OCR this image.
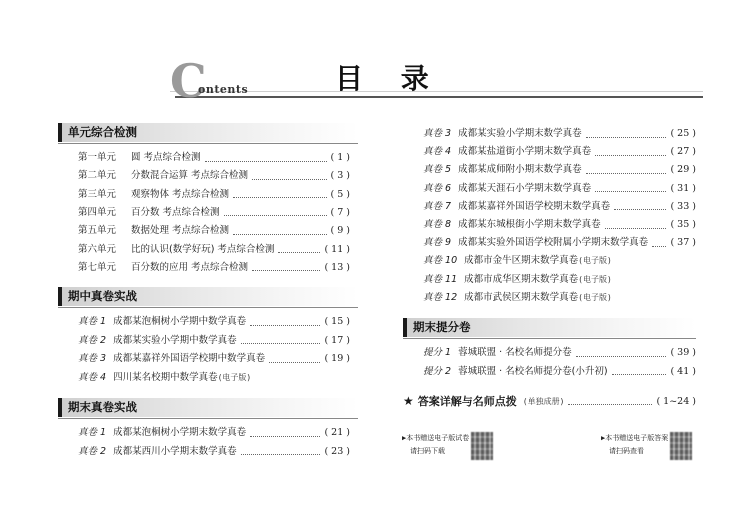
C
ontents	目 录
单元综合检测
第一单元	圆 考点综合检测	( 1 )
第二单元	分数混合运算 考点综合检测	( 3 )
第三单元	观察物体 考点综合检测	( 5 )
第四单元	百分数 考点综合检测	( 7 )
第五单元	数据处理 考点综合检测	( 9 )
第六单元	比的认识(数学好玩) 考点综合检测	( 11 )
第七单元	百分数的应用 考点综合检测	( 13 )
期中真卷实战
真卷 1 成都某泡桐树小学期中数学真卷	( 15 )
真卷 2 成都某实验小学期中数学真卷	( 17 )
真卷 3 成都某嘉祥外国语学校期中数学真卷	( 19 )
真卷 4 四川某名校期中数学真卷 (电子版)
期末真卷实战
真卷 1 成都某泡桐树小学期末数学真卷	( 21 )
真卷 2 成都某西川小学期末数学真卷	( 23 )
真卷 3 成都某实验小学期末数学真卷	( 25 )
真卷 4 成都某盐道街小学期末数学真卷	( 27 )
真卷 5 成都某成师附小期末数学真卷	( 29 )
真卷 6 成都某天涯石小学期末数学真卷	( 31 )
真卷 7 成都某嘉祥外国语学校期末数学真卷	( 33 )
真卷 8 成都某东城根街小学期末数学真卷	( 35 )
真卷 9 成都某实验外国语学校附属小学期末数学真卷 ( 37 )
真卷 10 成都市金牛区期末数学真卷 (电子版)
真卷 11 成都市成华区期末数学真卷 (电子版)
真卷 12 成都市武侯区期末数学真卷 (电子版)
期末提分卷
提分 1 蓉城联盟 · 名校名师提分卷	( 39 )
提分 2 蓉城联盟 · 名校名师提分卷(小升初)	( 41 )
★ 答案详解与名师点拨 (单独成册)	( 1~24 )
▶本书赠送电子版试卷
请扫码下载
▶本书赠送电子版答案
请扫码查看
